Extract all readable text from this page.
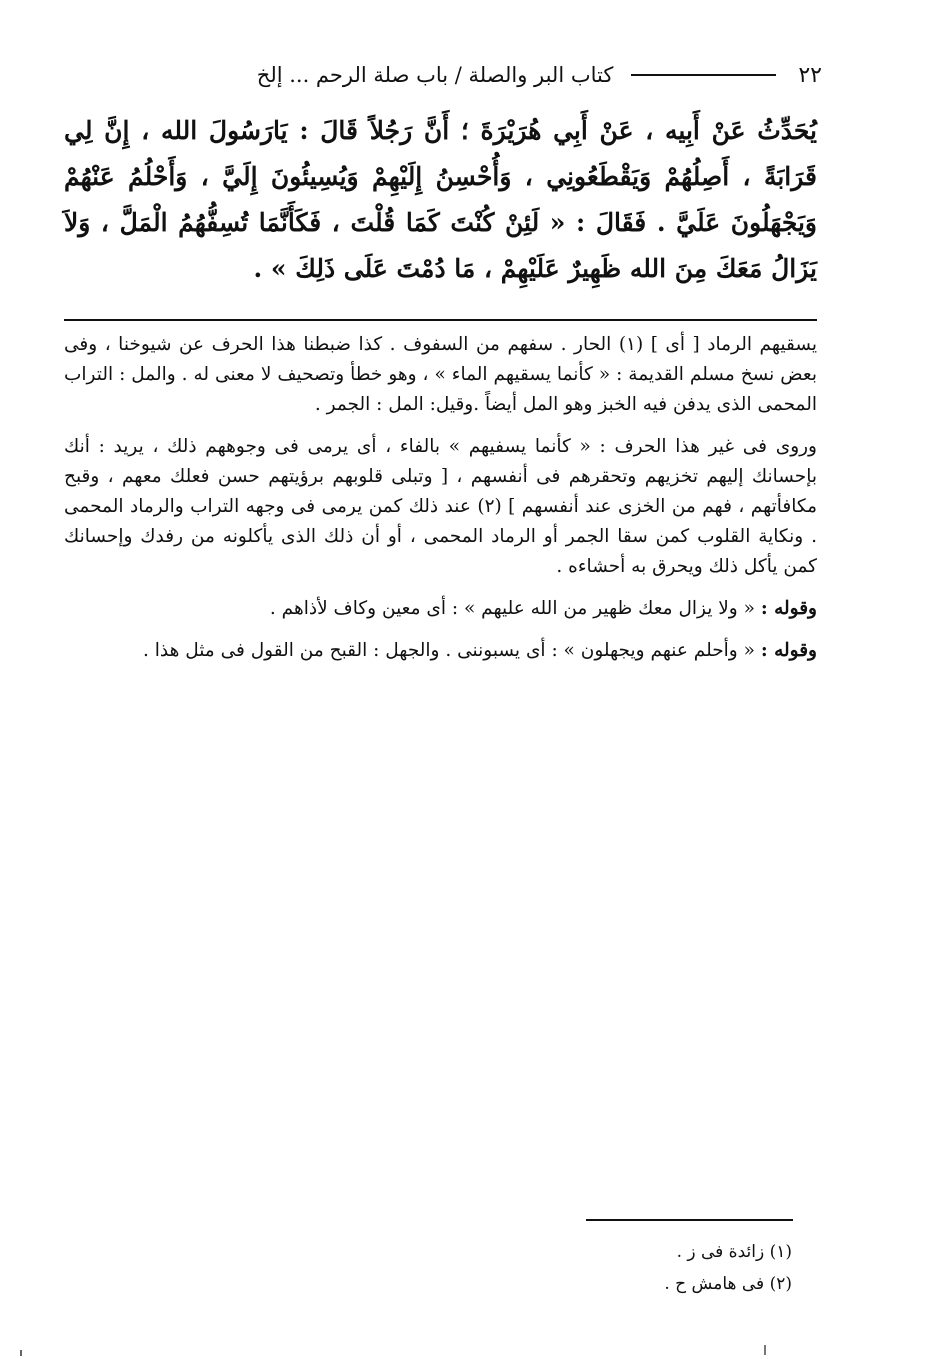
٢٢
كتاب البر والصلة / باب صلة الرحم ... إلخ

يُحَدِّثُ عَنْ أَبِيه ، عَنْ أَبِي هُرَيْرَةَ ؛ أَنَّ رَجُلاً قَالَ : يَارَسُولَ الله ، إِنَّ لِي قَرَابَةً ، أَصِلُهُمْ وَيَقْطَعُونِي ، وَأُحْسِنُ إِلَيْهِمْ وَيُسِيئُونَ إِلَيَّ ، وَأَحْلُمُ عَنْهُمْ وَيَجْهَلُونَ عَلَيَّ . فَقَالَ : « لَئِنْ كُنْتَ كَمَا قُلْتَ ، فَكَأَنَّمَا تُسِفُّهُمُ الْمَلَّ ، وَلاَ يَزَالُ مَعَكَ مِنَ الله ظَهِيرٌ عَلَيْهِمْ ، مَا دُمْتَ عَلَى ذَلِكَ » .

يسقيهم الرماد [ أى ] (١) الحار . سفهم من السفوف . كذا ضبطنا هذا الحرف عن شيوخنا ، وفى بعض نسخ مسلم القديمة : « كأنما يسقيهم الماء » ، وهو خطأ وتصحيف لا معنى له . والمل : التراب المحمى الذى يدفن فيه الخبز وهو المل أيضاً .وقيل: المل : الجمر .

وروى فى غير هذا الحرف : « كأنما يسفيهم » بالفاء ، أى يرمى فى وجوههم ذلك ، يريد : أنك بإحسانك إليهم تخزيهم وتحقرهم فى أنفسهم ، [ وتبلى قلوبهم برؤيتهم حسن فعلك معهم ، وقبح مكافأتهم ، فهم من الخزى عند أنفسهم ] (٢) عند ذلك كمن يرمى فى وجهه التراب والرماد المحمى . ونكاية القلوب كمن سقا الجمر أو الرماد المحمى ، أو أن ذلك الذى يأكلونه من رفدك وإحسانك كمن يأكل ذلك ويحرق به أحشاءه .

وقوله : « ولا يزال معك ظهير من الله عليهم » : أى معين وكاف لأذاهم .

وقوله : « وأحلم عنهم ويجهلون » : أى يسبوننى . والجهل : القبح من القول فى مثل هذا .

(١) زائدة فى ز .
(٢) فى هامش ح .
